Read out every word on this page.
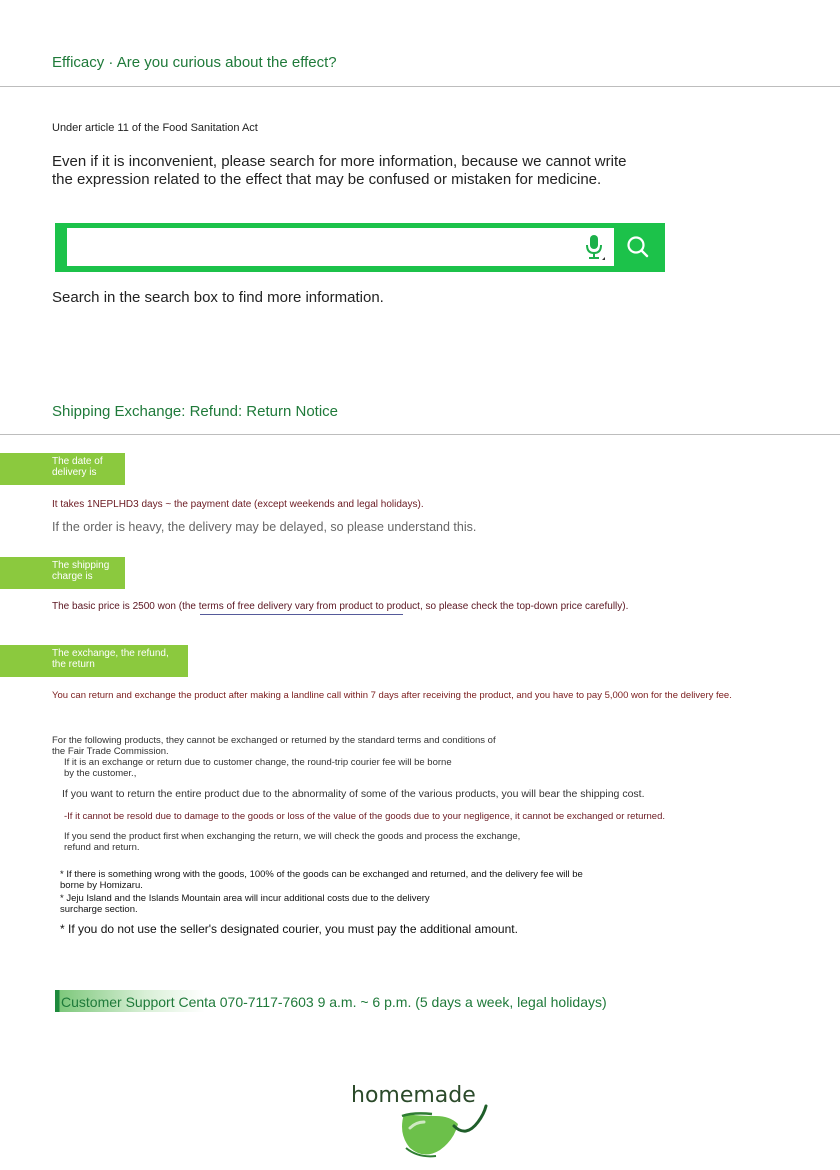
Efficacy · Are you curious about the effect?
Under article 11 of the Food Sanitation Act
Even if it is inconvenient, please search for more information, because we cannot write
the expression related to the effect that may be confused or mistaken for medicine.
Search in the search box to find more information.
Shipping Exchange: Refund: Return Notice
The date of
delivery is
It takes 1NEPLHD3 days ~ the payment date (except weekends and legal holidays).
If the order is heavy, the delivery may be delayed, so please understand this.
The shipping
charge is
The basic price is 2500 won (the terms of free delivery vary from product to product, so please check the top-down price carefully).
The exchange, the refund,
the return
You can return and exchange the product after making a landline call within 7 days after receiving the product, and you have to pay 5,000 won for the delivery fee.
For the following products, they cannot be exchanged or returned by the standard terms and conditions of
the Fair Trade Commission.
If it is an exchange or return due to customer change, the round-trip courier fee will be borne
by the customer.,
If you want to return the entire product due to the abnormality of some of the various products, you will bear the shipping cost.
-If it cannot be resold due to damage to the goods or loss of the value of the goods due to your negligence, it cannot be exchanged or returned.
If you send the product first when exchanging the return, we will check the goods and process the exchange,
refund and return.
* If there is something wrong with the goods, 100% of the goods can be exchanged and returned, and the delivery fee will be
borne by Homizaru.
* Jeju Island and the Islands Mountain area will incur additional costs due to the delivery
surcharge section.
* If you do not use the seller's designated courier, you must pay the additional amount.
Customer Support Centa 070-7117-7603 9 a.m. ~ 6 p.m. (5 days a week, legal holidays)
homemade
